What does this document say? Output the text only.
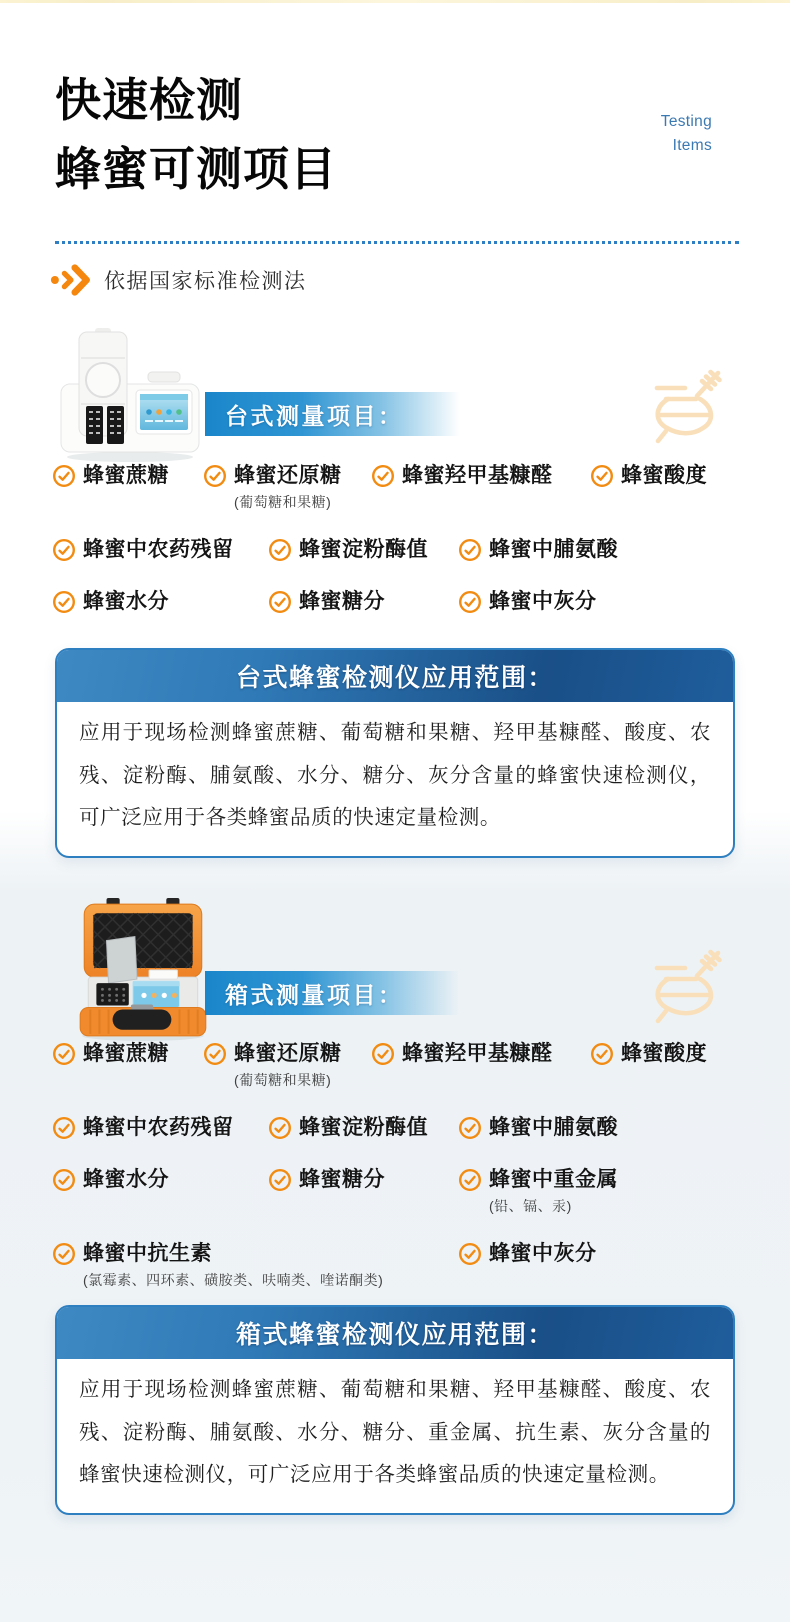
快速检测
蜂蜜可测项目
Testing
Items
依据国家标准检测法
台式测量项目：
蜂蜜蔗糖	蜂蜜还原糖
(葡萄糖和果糖)
蜂蜜羟甲基糠醛	蜂蜜酸度
蜂蜜中农药残留	蜂蜜淀粉酶值	蜂蜜中脯氨酸
蜂蜜水分	蜂蜜糖分	蜂蜜中灰分
台式蜂蜜检测仪应用范围：
应用于现场检测蜂蜜蔗糖、葡萄糖和果糖、羟甲基糠醛、酸度、农残、淀粉酶、脯氨酸、水分、糖分、灰分含量的蜂蜜快速检测仪，可广泛应用于各类蜂蜜品质的快速定量检测。
箱式测量项目：
蜂蜜蔗糖	蜂蜜还原糖
(葡萄糖和果糖)
蜂蜜羟甲基糠醛	蜂蜜酸度
蜂蜜中农药残留	蜂蜜淀粉酶值	蜂蜜中脯氨酸
蜂蜜水分	蜂蜜糖分	蜂蜜中重金属
(铅、镉、汞)
蜂蜜中抗生素
(氯霉素、四环素、磺胺类、呋喃类、喹诺酮类)
蜂蜜中灰分
箱式蜂蜜检测仪应用范围：
应用于现场检测蜂蜜蔗糖、葡萄糖和果糖、羟甲基糠醛、酸度、农残、淀粉酶、脯氨酸、水分、糖分、重金属、抗生素、灰分含量的蜂蜜快速检测仪，可广泛应用于各类蜂蜜品质的快速定量检测。
